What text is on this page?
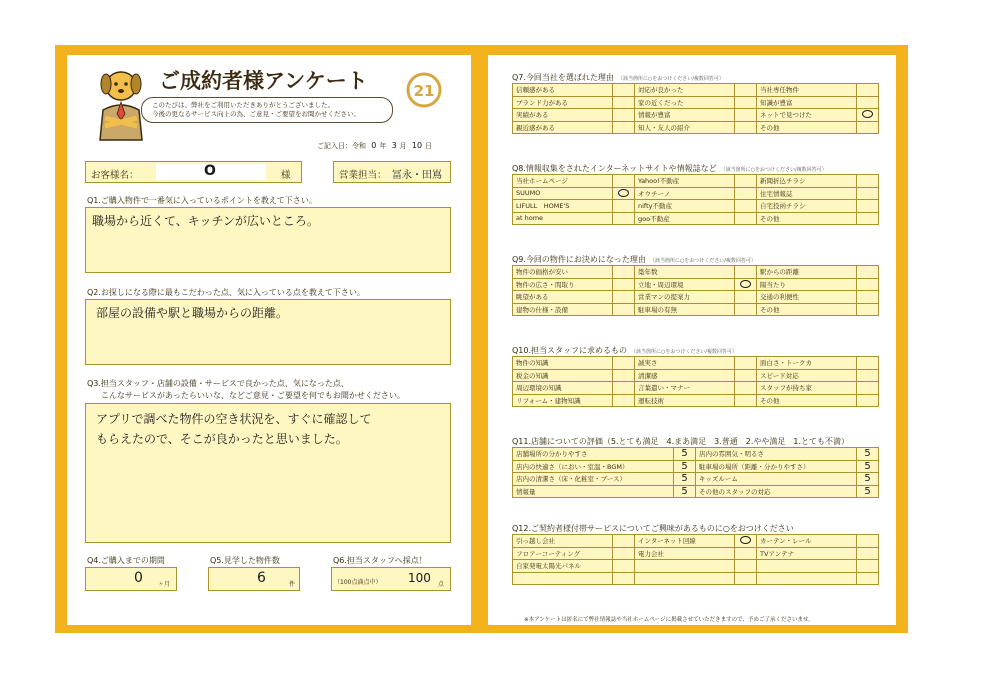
ご成約者様アンケート	21
このたびは、弊社をご利用いただきありがとうございました。
今後の更なるサービス向上の為、ご意見・ご要望をお聞かせください。
ご記入日：令和 0 年 3 月 10 日
お客様名：	O	様	営業担当： 冨永・田嶌
Q1.ご購入物件で一番気に入っているポイントを教えて下さい。
職場から近くて、キッチンが広いところ。
Q2.お探しになる際に最もこだわった点、気に入っている点を教えて下さい。
部屋の設備や駅と職場からの距離。
Q3.担当スタッフ・店舗の設備・サービスで良かった点、気になった点、
こんなサービスがあったらいいな、などご意見・ご要望を何でもお聞かせください。
アプリで調べた物件の空き状況を、すぐに確認して
もらえたので、そこが良かったと思いました。
Q4.ご購入までの期間
0	ヶ月
Q5.見学した物件数
6	件
Q6.担当スタッフへ採点！
（100点満点中） 100 点
Q7.今回当社を選ばれた理由 （該当箇所に○をおつけください/複数回答可）
信頼感がある		対応が良かった		当社専任物件	
ブランド力がある		家の近くだった		知識が豊富	
実績がある		情報が豊富		ネットで見つけた	
親近感がある		知人・友人の紹介		その他	
Q8.情報収集をされたインターネットサイトや情報誌など （該当箇所に○をおつけください/複数回答可）
当社ホームページ		Yahoo!不動産		新聞折込チラシ	
SUUMO		オウチーノ		住宅情報誌	
LIFULL　HOME'S		nifty不動産		自宅投函チラシ	
at home		goo不動産		その他	
Q9.今回の物件にお決めになった理由 （該当箇所に○をおつけください/複数回答可）
物件の価格が安い		築年数		駅からの距離	
物件の広さ・間取り		立地・周辺環境		陽当たり	
眺望がある		営業マンの提案力		交通の利便性	
建物の仕様・設備		駐車場の有無		その他	
Q10.担当スタッフに求めるもの （該当箇所に○をおつけください/複数回答可）
物件の知識		誠実さ		面白さ・トークカ	
税金の知識		清潔感		スピード対応	
周辺環境の知識		言葉遣い・マナー		スタッフが持ち家	
リフォーム・建物知識		運転技術		その他	
Q12.ご契約者様付帯サービスについてご興味があるものに○をおつけください
引っ越し会社		インターネット回線		カーテン・レール	
フロアーコーティング		電力会社		TVアンテナ	
自家発電太陽光パネル					

Q11.店舗についての評価（5.とても満足　4.まあ満足　3.普通　2.やや満足　1.とても不満）
店舗場所の分かりやすさ	5	店内の雰囲気・明るさ	5
店内の快適さ（におい・室温・BGM）	5	駐車場の場所（距離・分かりやすさ）	5
店内の清潔さ（床・化粧室・ブース）	5	キッズルーム	5
情報量	5	その他のスタッフの対応	5
※本アンケートは匿名にて弊社情報誌や当社ホームページに掲載させていただきますので、予めご了承くださいませ。
